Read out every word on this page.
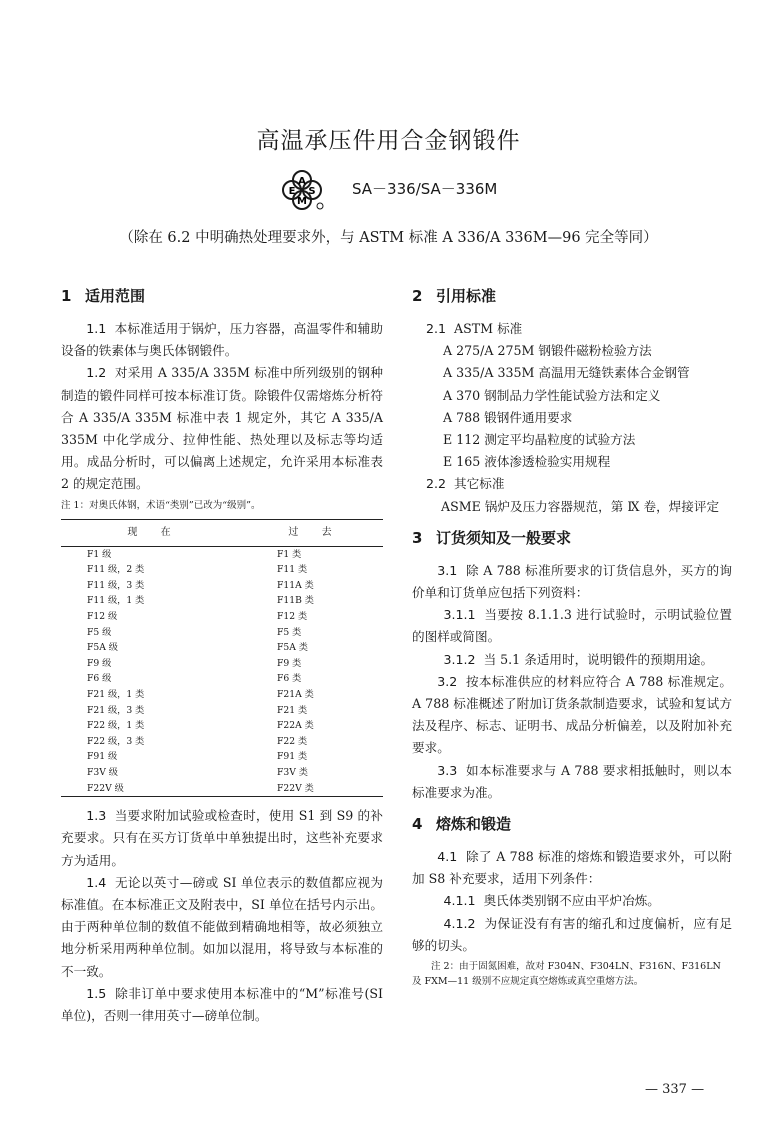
高温承压件用合金钢锻件
A
E S
M
SA－336/SA－336M
（除在 6.2 中明确热处理要求外，与 ASTM 标准 A 336/A 336M—96 完全等同）
1 适用范围

1.1 本标准适用于锅炉，压力容器，高温零件和辅助设备的铁素体与奥氏体钢锻件。

1.2 对采用 A 335/A 335M 标准中所列级别的钢种制造的锻件同样可按本标准订货。除锻件仅需熔炼分析符合 A 335/A 335M 标准中表 1 规定外，其它 A 335/A 335M 中化学成分、拉伸性能、热处理以及标志等均适用。成品分析时，可以偏离上述规定，允许采用本标准表 2 的规定范围。

注 1：对奥氏体钢，术语“类别”已改为“级别”。

现 在	过 去
F1 级	F1 类
F11 级，2 类	F11 类
F11 级，3 类	F11A 类
F11 级，1 类	F11B 类
F12 级	F12 类
F5 级	F5 类
F5A 级	F5A 类
F9 级	F9 类
F6 级	F6 类
F21 级，1 类	F21A 类
F21 级，3 类	F21 类
F22 级，1 类	F22A 类
F22 级，3 类	F22 类
F91 级	F91 类
F3V 级	F3V 类
F22V 级	F22V 类

1.3 当要求附加试验或检查时，使用 S1 到 S9 的补充要求。只有在买方订货单中单独提出时，这些补充要求方为适用。

1.4 无论以英寸—磅或 SI 单位表示的数值都应视为标准值。在本标准正文及附表中，SI 单位在括号内示出。由于两种单位制的数值不能做到精确地相等，故必须独立地分析采用两种单位制。如加以混用，将导致与本标准的不一致。

1.5 除非订单中要求使用本标准中的“M”标准号(SI 单位)，否则一律用英寸—磅单位制。

2 引用标准

2.1 ASTM 标准

A 275/A 275M 钢锻件磁粉检验方法

A 335/A 335M 高温用无缝铁素体合金钢管

A 370 钢制品力学性能试验方法和定义

A 788 锻钢件通用要求

E 112 测定平均晶粒度的试验方法

E 165 液体渗透检验实用规程

2.2 其它标准

ASME 锅炉及压力容器规范，第 Ⅸ 卷，焊接评定

3 订货须知及一般要求

3.1 除 A 788 标准所要求的订货信息外，买方的询价单和订货单应包括下列资料：

3.1.1 当要按 8.1.1.3 进行试验时，示明试验位置的图样或简图。

3.1.2 当 5.1 条适用时，说明锻件的预期用途。

3.2 按本标准供应的材料应符合 A 788 标准规定。A 788 标准概述了附加订货条款制造要求，试验和复试方法及程序、标志、证明书、成品分析偏差，以及附加补充要求。

3.3 如本标准要求与 A 788 要求相抵触时，则以本标准要求为准。

4 熔炼和锻造

4.1 除了 A 788 标准的熔炼和锻造要求外，可以附加 S8 补充要求，适用下列条件：

4.1.1 奥氏体类别钢不应由平炉冶炼。

4.1.2 为保证没有有害的缩孔和过度偏析，应有足够的切头。

注 2：由于固氮困难，故对 F304N、F304LN、F316N、F316LN 及 FXM—11 级别不应规定真空熔炼或真空重熔方法。

— 337 —
